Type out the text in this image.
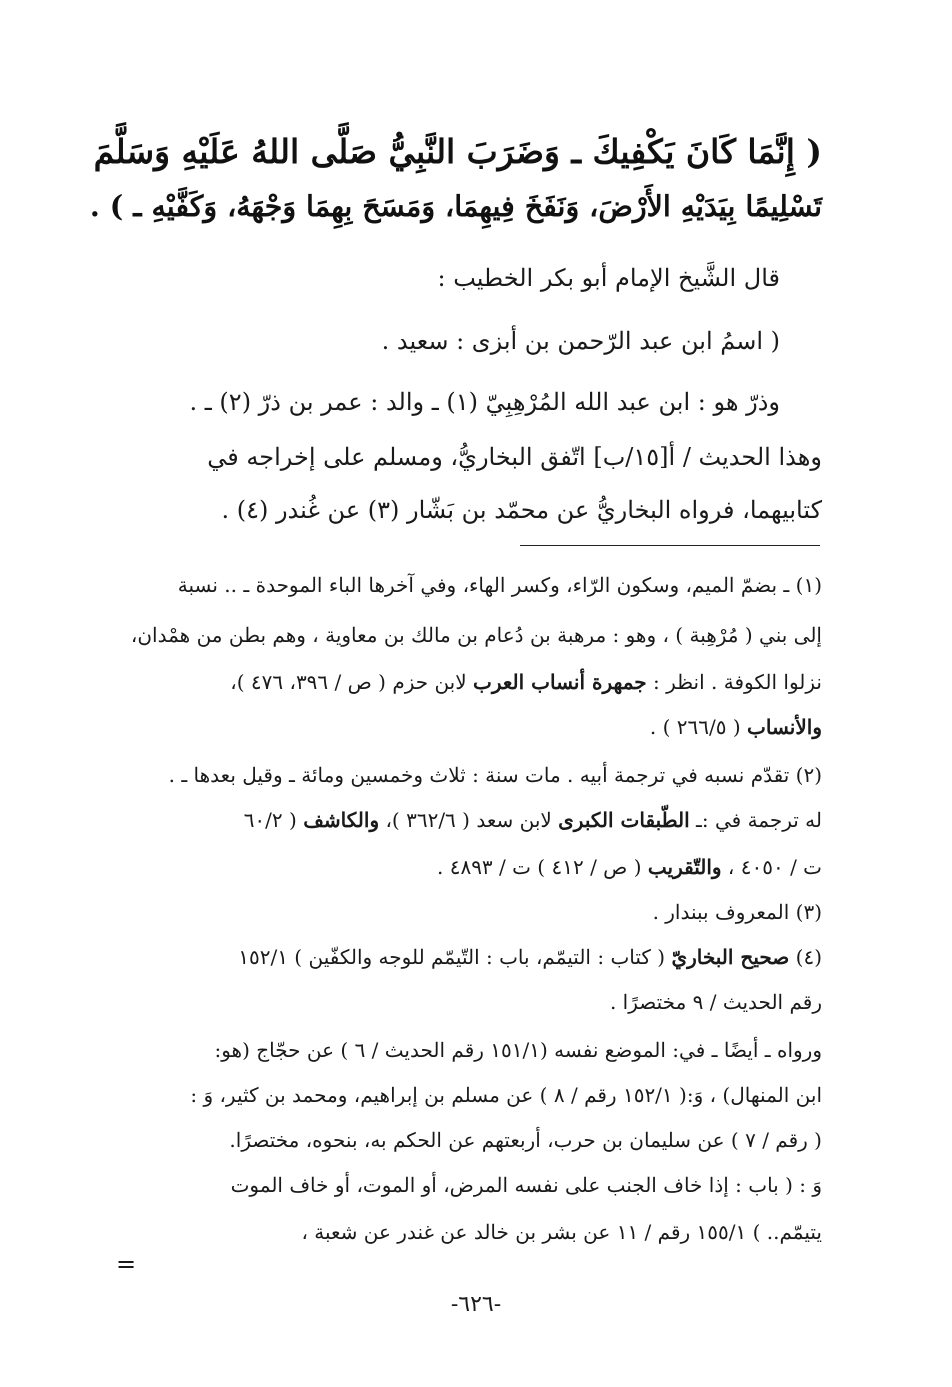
( إِنَّمَا كَانَ يَكْفِيكَ ـ وَضَرَبَ النَّبِيُّ صَلَّى اللهُ عَلَيْهِ وَسَلَّمَ
تَسْلِيمًا بِيَدَيْهِ الأَرْضَ، وَنَفَخَ فِيهِمَا، وَمَسَحَ بِهِمَا وَجْهَهُ، وَكَفَّيْهِ ـ ) .
قال الشَّيخ الإمام أبو بكر الخطيب :
( اسمُ ابن عبد الرّحمن بن أبزى : سعيد .
وذرّ هو : ابن عبد الله المُرْهِبِيّ (١) ـ والد : عمر بن ذرّ (٢) ـ .
وهذا الحديث / أ[١٥/ب] اتّفق البخاريُّ، ومسلم على إخراجه في
كتابيهما، فرواه البخاريُّ عن محمّد بن بَشّار (٣) عن غُندر (٤) .
(١) ـ بضمّ الميم، وسكون الرّاء، وكسر الهاء، وفي آخرها الباء الموحدة ـ .. نسبة
إلى بني ( مُرْهِبة ) ، وهو : مرهبة بن دُعام بن مالك بن معاوية ، وهم بطن من همْدان،
نزلوا الكوفة . انظر : جمهرة أنساب العرب لابن حزم ( ص / ٣٩٦، ٤٧٦ )،
والأنساب ( ٢٦٦/٥ ) .
(٢) تقدّم نسبه في ترجمة أبيه . مات سنة : ثلاث وخمسين ومائة ـ وقيل بعدها ـ .
له ترجمة في :ـ الطّبقات الكبرى لابن سعد ( ٣٦٢/٦ )، والكاشف ( ٦٠/٢
ت / ٤٠٥٠ ، والتّقريب ( ص / ٤١٢ ) ت / ٤٨٩٣ .
(٣) المعروف ببندار .
(٤) صحيح البخاريّ ( كتاب : التيمّم، باب : التّيمّم للوجه والكفّين ) ١٥٢/١
رقم الحديث / ٩ مختصرًا .
ورواه ـ أيضًا ـ في: الموضع نفسه (١٥١/١ رقم الحديث / ٦ ) عن حجّاج (هو:
ابن المنهال) ، وَ:( ١٥٢/١ رقم / ٨ ) عن مسلم بن إبراهيم، ومحمد بن كثير، وَ :
( رقم / ٧ ) عن سليمان بن حرب، أربعتهم عن الحكم به، بنحوه، مختصرًا.
وَ : ( باب : إذا خاف الجنب على نفسه المرض، أو الموت، أو خاف الموت
يتيمّم.. ) ١٥٥/١ رقم / ١١ عن بشر بن خالد عن غندر عن شعبة ،
=
-٦٢٦-
